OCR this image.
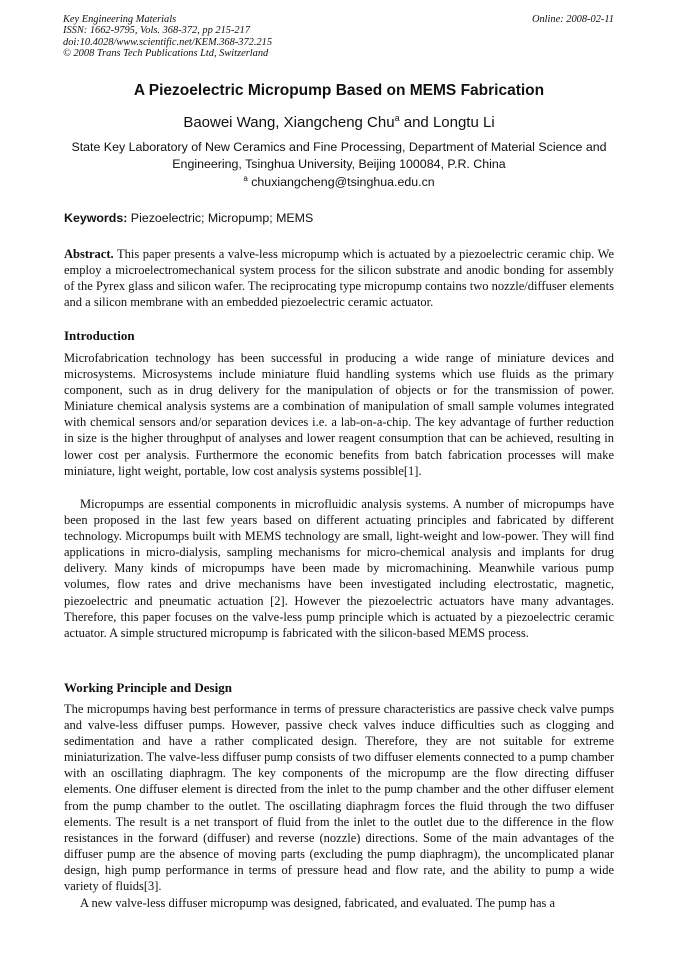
Key Engineering Materials
ISSN: 1662-9795, Vols. 368-372, pp 215-217
doi:10.4028/www.scientific.net/KEM.368-372.215
© 2008 Trans Tech Publications Ltd, Switzerland
Online: 2008-02-11
A Piezoelectric Micropump Based on MEMS Fabrication
Baowei Wang, Xiangcheng Chu$^a$ and Longtu Li
State Key Laboratory of New Ceramics and Fine Processing, Department of Material Science and Engineering, Tsinghua University, Beijing 100084, P.R. China
$^a$ chuxiangcheng@tsinghua.edu.cn
Keywords: Piezoelectric; Micropump; MEMS

Abstract. This paper presents a valve-less micropump which is actuated by a piezoelectric ceramic chip. We employ a microelectromechanical system process for the silicon substrate and anodic bonding for assembly of the Pyrex glass and silicon wafer. The reciprocating type micropump contains two nozzle/diffuser elements and a silicon membrane with an embedded piezoelectric ceramic actuator.

Introduction

Microfabrication technology has been successful in producing a wide range of miniature devices and microsystems. Microsystems include miniature fluid handling systems which use fluids as the primary component, such as in drug delivery for the manipulation of objects or for the transmission of power. Miniature chemical analysis systems are a combination of manipulation of small sample volumes integrated with chemical sensors and/or separation devices i.e. a lab-on-a-chip. The key advantage of further reduction in size is the higher throughput of analyses and lower reagent consumption that can be achieved, resulting in lower cost per analysis. Furthermore the economic benefits from batch fabrication processes will make miniature, light weight, portable, low cost analysis systems possible[1].

Micropumps are essential components in microfluidic analysis systems. A number of micropumps have been proposed in the last few years based on different actuating principles and fabricated by different technology. Micropumps built with MEMS technology are small, light-weight and low-power. They will find applications in micro-dialysis, sampling mechanisms for micro-chemical analysis and implants for drug delivery. Many kinds of micropumps have been made by micromachining. Meanwhile various pump volumes, flow rates and drive mechanisms have been investigated including electrostatic, magnetic, piezoelectric and pneumatic actuation [2]. However the piezoelectric actuators have many advantages. Therefore, this paper focuses on the valve-less pump principle which is actuated by a piezoelectric ceramic actuator. A simple structured micropump is fabricated with the silicon-based MEMS process.

Working Principle and Design

The micropumps having best performance in terms of pressure characteristics are passive check valve pumps and valve-less diffuser pumps. However, passive check valves induce difficulties such as clogging and sedimentation and have a rather complicated design. Therefore, they are not suitable for extreme miniaturization. The valve-less diffuser pump consists of two diffuser elements connected to a pump chamber with an oscillating diaphragm. The key components of the micropump are the flow directing diffuser elements. One diffuser element is directed from the inlet to the pump chamber and the other diffuser element from the pump chamber to the outlet. The oscillating diaphragm forces the fluid through the two diffuser elements. The result is a net transport of fluid from the inlet to the outlet due to the difference in the flow resistances in the forward (diffuser) and reverse (nozzle) directions. Some of the main advantages of the diffuser pump are the absence of moving parts (excluding the pump diaphragm), the uncomplicated planar design, high pump performance in terms of pressure head and flow rate, and the ability to pump a wide variety of fluids[3].

A new valve-less diffuser micropump was designed, fabricated, and evaluated. The pump has a
